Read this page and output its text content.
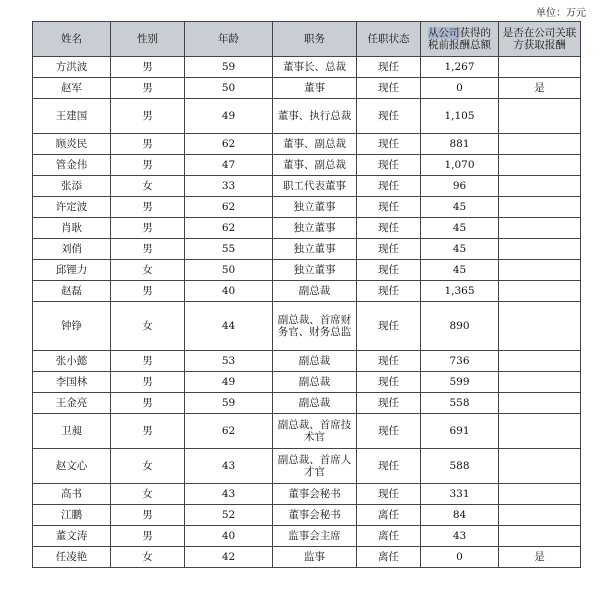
单位：万元
姓名	性别	年龄	职务	任职状态	从公司获得的税前报酬总额	是否在公司关联方获取报酬
方洪波	男	59	董事长、总裁	现任	1,267	
赵军	男	50	董事	现任	0	是
王建国	男	49	董事、执行总裁	现任	1,105	
顾炎民	男	62	董事、副总裁	现任	881	
管金伟	男	47	董事、副总裁	现任	1,070	
张添	女	33	职工代表董事	现任	96	
许定波	男	62	独立董事	现任	45	
肖耿	男	62	独立董事	现任	45	
刘俏	男	55	独立董事	现任	45	
邱锂力	女	50	独立董事	现任	45	
赵磊	男	40	副总裁	现任	1,365	
钟铮	女	44	副总裁、首席财务官、财务总监	现任	890	
张小懿	男	53	副总裁	现任	736	
李国林	男	49	副总裁	现任	599	
王金亮	男	59	副总裁	现任	558	
卫昶	男	62	副总裁、首席技术官	现任	691	
赵文心	女	43	副总裁、首席人才官	现任	588	
高书	女	43	董事会秘书	现任	331	
江鹏	男	52	董事会秘书	离任	84	
董文涛	男	40	监事会主席	离任	43	
任凌艳	女	42	监事	离任	0	是
